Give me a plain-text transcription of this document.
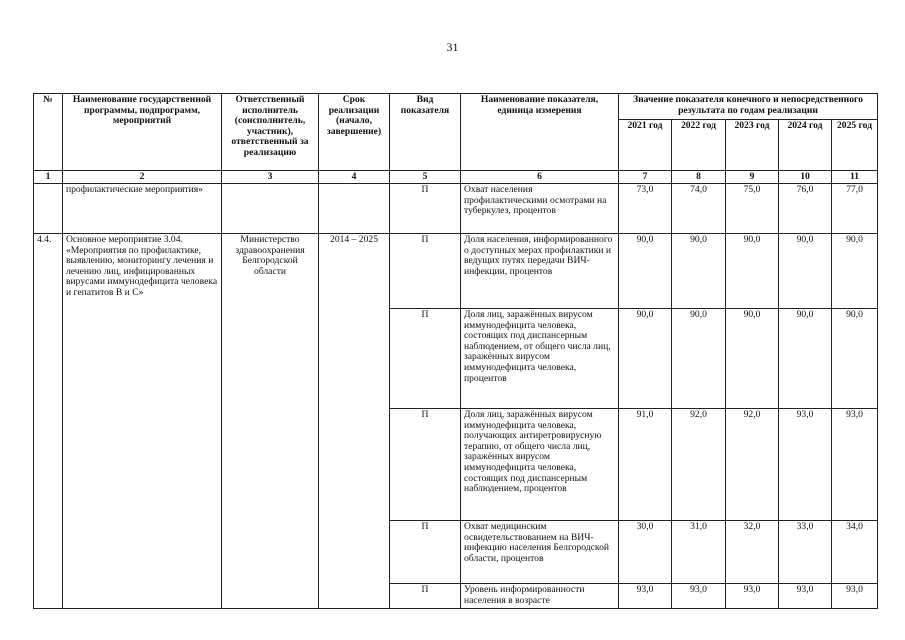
31
№	Наименование государственной программы, подпрограмм, мероприятий	Ответственный исполнитель (соисполнитель, участник), ответственный за реализацию	Срок реализации (начало, завершение)	Вид показателя	Наименование показателя, единица измерения	Значение показателя конечного и непосредственного результата по годам реализации				
						2021 год	2022 год	2023 год	2024 год	2025 год
1	2	3	4	5	6	7	8	9	10	11
	профилактические мероприятия»			П	Охват населения профилактическими осмотрами на туберкулез, процентов	73,0	74,0	75,0	76,0	77,0
4.4.	Основное мероприятие 3.04. «Мероприятия по профилактике, выявлению, мониторингу лечения и лечению лиц, инфицированных вирусами иммунодефицита человека и гепатитов В и С»	Министерство здравоохранения Белгородской области	2014 – 2025	П	Доля населения, информированного о доступных мерах профилактики и ведущих путях передачи ВИЧ-инфекции, процентов	90,0	90,0	90,0	90,0	90,0
				П	Доля лиц, заражённых вирусом иммунодефицита человека, состоящих под диспансерным наблюдением, от общего числа лиц, заражённых вирусом иммунодефицита человека, процентов	90,0	90,0	90,0	90,0	90,0
				П	Доля лиц, заражённых вирусом иммунодефицита человека, получающих антиретровирусную терапию, от общего числа лиц, заражённых вирусом иммунодефицита человека, состоящих под диспансерным наблюдением, процентов	91,0	92,0	92,0	93,0	93,0
				П	Охват медицинским освидетельствованием на ВИЧ-инфекцию населения Белгородской области, процентов	30,0	31,0	32,0	33,0	34,0
				П	Уровень информированности населения в возрасте	93,0	93,0	93,0	93,0	93,0
